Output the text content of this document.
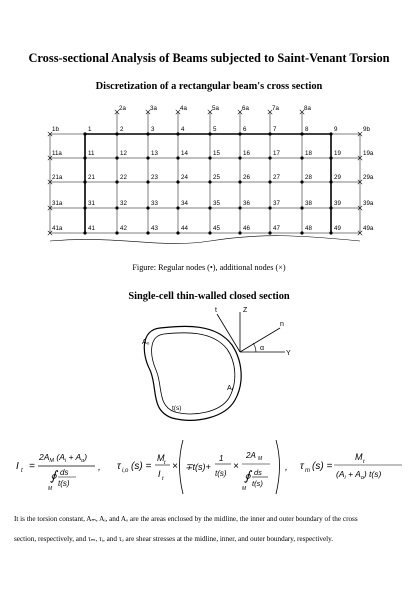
Cross-sectional Analysis of Beams subjected to Saint-Venant Torsion
Discretization of a rectangular beam's cross section
1	2	3	4	5	6	7	8	9
1b	9b
11	12	13	14	15	16	17	18	19
11a	19a
21	22	23	24	25	26	27	28	29
21a	29a
31	32	33	34	35	36	37	38	39
31a	39a
41	42	43	44	45	46	47	48	49
41a	49a
2a	3a	4a	5a	6a	7a	8a
Figure: Regular nodes (•), additional nodes (×)
Single-cell thin-walled closed section
t	Z
n
α
Y
A₀
Aᵢ
t(s)
I t =
$2A_M$ $(A_i + A_o)$
∮ ds
t(s)
M
, τ i,o (s) =
M t
I t
× ∓t(s)+
1
t(s)
×
2A M
∮ ds
t(s)
M
, τ m (s) =
M t
$(A_i + A_o)$ t(s)
It is the torsion constant, Aₘ, Aᵢ, and Aₒ are the areas enclosed by the midline, the inner and outer boundary of the cross
section, respectively, and τₘ, τᵢ, and τₒ are shear stresses at the midline, inner, and outer boundary, respectively.
